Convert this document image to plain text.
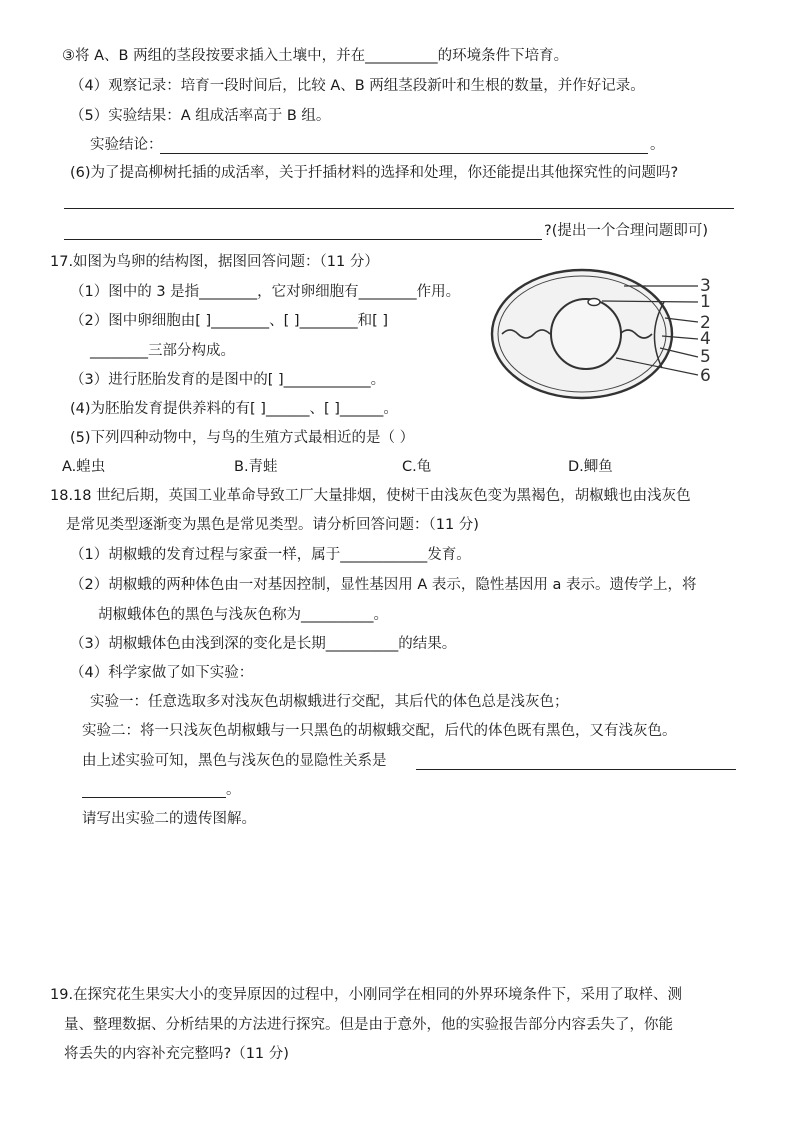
③将 A、B 两组的茎段按要求插入土壤中，并在__________的环境条件下培育。
（4）观察记录：培育一段时间后，比较 A、B 两组茎段新叶和生根的数量，并作好记录。
（5）实验结果：A 组成活率高于 B 组。
实验结论：	。
(6)为了提高柳树托插的成活率，关于扦插材料的选择和处理，你还能提出其他探究性的问题吗?
?(提出一个合理问题即可)
17.如图为鸟卵的结构图，据图回答问题：（11 分）
（1）图中的 3 是指________，它对卵细胞有________作用。
（2）图中卵细胞由[ ]________、[ ]________和[ ]
________三部分构成。
（3）进行胚胎发育的是图中的[ ]____________。
(4)为胚胎发育提供养料的有[ ]______、[ ]______。
(5)下列四种动物中，与鸟的生殖方式最相近的是（ ）
A.蝗虫	B.青蛙	C.龟	D.鲫鱼
3
1
2
4
5
6
18.18 世纪后期，英国工业革命导致工厂大量排烟，使树干由浅灰色变为黑褐色，胡椒蛾也由浅灰色
是常见类型逐渐变为黑色是常见类型。请分析回答问题：（11 分)
（1）胡椒蛾的发育过程与家蚕一样，属于____________发育。
（2）胡椒蛾的两种体色由一对基因控制，显性基因用 A 表示，隐性基因用 a 表示。遗传学上，将
胡椒蛾体色的黑色与浅灰色称为__________。
（3）胡椒蛾体色由浅到深的变化是长期__________的结果。
（4）科学家做了如下实验：
实验一：任意选取多对浅灰色胡椒蛾进行交配，其后代的体色总是浅灰色；
实验二：将一只浅灰色胡椒蛾与一只黑色的胡椒蛾交配，后代的体色既有黑色，又有浅灰色。
由上述实验可知，黑色与浅灰色的显隐性关系是
。
请写出实验二的遗传图解。
19.在探究花生果实大小的变异原因的过程中，小刚同学在相同的外界环境条件下，采用了取样、测
量、整理数据、分析结果的方法进行探究。但是由于意外，他的实验报告部分内容丢失了，你能
将丢失的内容补充完整吗?（11 分)
